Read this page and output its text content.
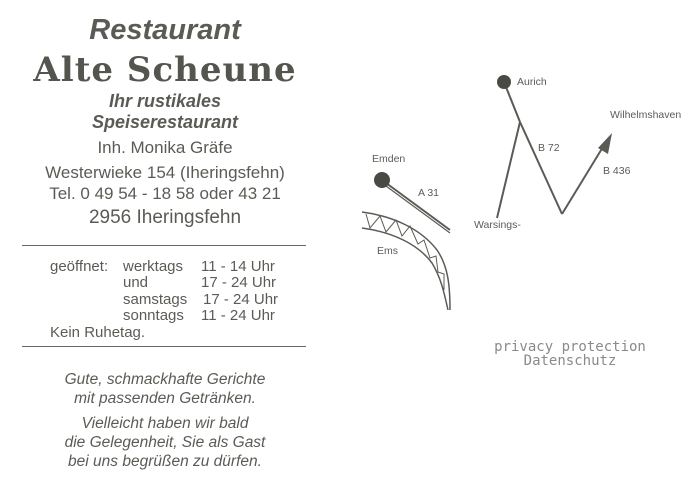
Restaurant
Alte Scheune
Ihr rustikales
Speiserestaurant
Inh. Monika Gräfe
Westerwieke 154 (Iheringsfehn)
Tel. 0 49 54 - 18 58 oder 43 21
2956 Iheringsfehn
geöffnet: werktags 11 - 14 Uhr
und	17 - 24 Uhr
samstags 17 - 24 Uhr
sonntags 11 - 24 Uhr
Kein Ruhetag.
Gute, schmackhafte Gerichte
mit passenden Getränken.
Vielleicht haben wir bald
die Gelegenheit, Sie als Gast
bei uns begrüßen zu dürfen.
Aurich
Emden
Wilhelmshaven
Warsings-
Ems
A 31
B 72
B 436
privacy protection
Datenschutz
